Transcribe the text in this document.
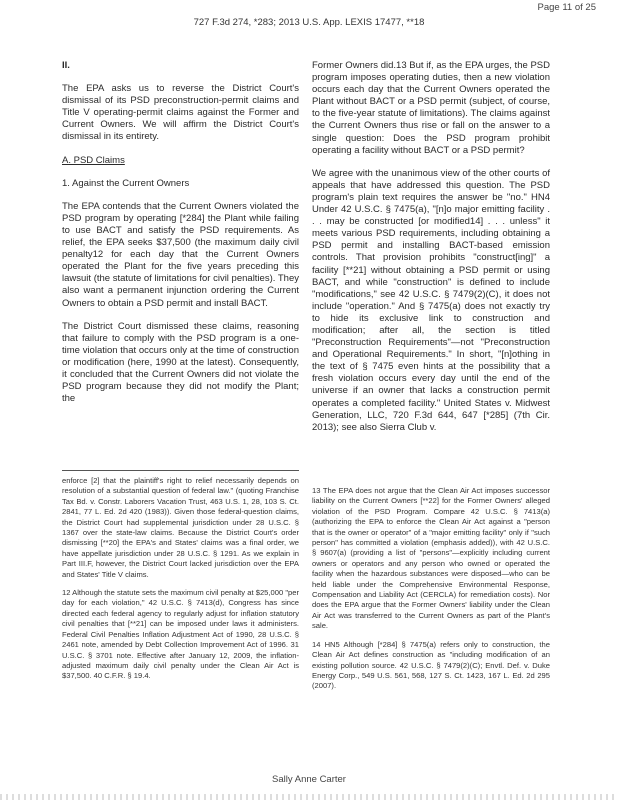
Page 11 of 25
727 F.3d 274, *283; 2013 U.S. App. LEXIS 17477, **18

II.

The EPA asks us to reverse the District Court's dismissal of its PSD preconstruction-permit claims and Title V operating-permit claims against the Former and Current Owners. We will affirm the District Court's dismissal in its entirety.

A. PSD Claims

1. Against the Current Owners

The EPA contends that the Current Owners violated the PSD program by operating [*284] the Plant while failing to use BACT and satisfy the PSD requirements. As relief, the EPA seeks $37,500 (the maximum daily civil penalty12 for each day that the Current Owners operated the Plant for the five years preceding this lawsuit (the statute of limitations for civil penalties). They also want a permanent injunction ordering the Current Owners to obtain a PSD permit and install BACT.

The District Court dismissed these claims, reasoning that failure to comply with the PSD program is a one-time violation that occurs only at the time of construction or modification (here, 1990 at the latest). Consequently, it concluded that the Current Owners did not violate the PSD program because they did not modify the Plant; the

Former Owners did.13 But if, as the EPA urges, the PSD program imposes operating duties, then a new violation occurs each day that the Current Owners operated the Plant without BACT or a PSD permit (subject, of course, to the five-year statute of limitations). The claims against the Current Owners thus rise or fall on the answer to a single question: Does the PSD program prohibit operating a facility without BACT or a PSD permit?

We agree with the unanimous view of the other courts of appeals that have addressed this question. The PSD program's plain text requires the answer be "no." HN4 Under 42 U.S.C. § 7475(a), "[n]o major emitting facility . . . may be constructed [or modified14] . . . unless" it meets various PSD requirements, including obtaining a PSD permit and installing BACT-based emission controls. That provision prohibits "construct[ing]" a facility [**21] without obtaining a PSD permit or using BACT, and while "construction" is defined to include "modifications," see 42 U.S.C. § 7479(2)(C), it does not include "operation." And § 7475(a) does not exactly try to hide its exclusive link to construction and modification; after all, the section is titled "Preconstruction Requirements"—not "Preconstruction and Operational Requirements." In short, "[n]othing in the text of § 7475 even hints at the possibility that a fresh violation occurs every day until the end of the universe if an owner that lacks a construction permit operates a completed facility." United States v. Midwest Generation, LLC, 720 F.3d 644, 647 [*285] (7th Cir. 2013); see also Sierra Club v.

enforce [2] that the plaintiff's right to relief necessarily depends on resolution of a substantial question of federal law." (quoting Franchise Tax Bd. v. Constr. Laborers Vacation Trust, 463 U.S. 1, 28, 103 S. Ct. 2841, 77 L. Ed. 2d 420 (1983)). Given those federal-question claims, the District Court had supplemental jurisdiction under 28 U.S.C. § 1367 over the state-law claims. Because the District Court's order dismissing [**20] the EPA's and States' claims was a final order, we have appellate jurisdiction under 28 U.S.C. § 1291. As we explain in Part III.F, however, the District Court lacked jurisdiction over the EPA and States' Title V claims.

12 Although the statute sets the maximum civil penalty at $25,000 "per day for each violation," 42 U.S.C. § 7413(d), Congress has since directed each federal agency to regularly adjust for inflation statutory civil penalties that [**21] can be imposed under laws it administers. Federal Civil Penalties Inflation Adjustment Act of 1990, 28 U.S.C. § 2461 note, amended by Debt Collection Improvement Act of 1996. 31 U.S.C. § 3701 note. Effective after January 12, 2009, the inflation-adjusted maximum daily civil penalty under the Clean Air Act is $37,500. 40 C.F.R. § 19.4.

13 The EPA does not argue that the Clean Air Act imposes successor liability on the Current Owners [**22] for the Former Owners' alleged violation of the PSD Program. Compare 42 U.S.C. § 7413(a) (authorizing the EPA to enforce the Clean Air Act against a "person that is the owner or operator" of a "major emitting facility" only if "such person" has committed a violation (emphasis added)), with 42 U.S.C. § 9607(a) (providing a list of "persons"—explicitly including current owners or operators and any person who owned or operated the facility when the hazardous substances were disposed—who can be held liable under the Comprehensive Environmental Response, Compensation and Liability Act (CERCLA) for remediation costs). Nor does the EPA argue that the Former Owners' liability under the Clean Air Act was transferred to the Current Owners as part of the Plant's sale.

14 HN5 Although [*284] § 7475(a) refers only to construction, the Clean Air Act defines construction as "including modification of an existing pollution source. 42 U.S.C. § 7479(2)(C); Envtl. Def. v. Duke Energy Corp., 549 U.S. 561, 568, 127 S. Ct. 1423, 167 L. Ed. 2d 295 (2007).

Sally Anne Carter
